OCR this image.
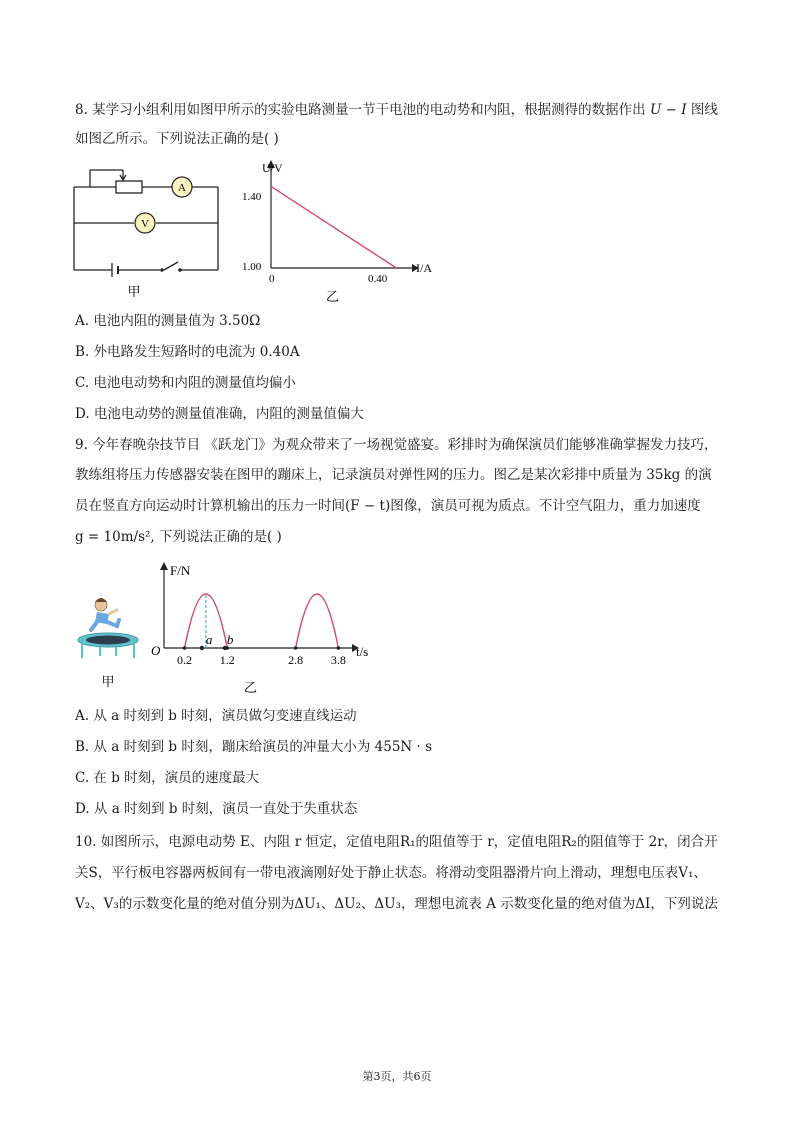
8. 某学习小组利用如图甲所示的实验电路测量一节干电池的电动势和内阻，根据测得的数据作出 U − I 图线
如图乙所示。下列说法正确的是( )
A
V
甲
U/V
I/A
1.40
1.00
0	0.40
乙
A. 电池内阻的测量值为 3.50Ω
B. 外电路发生短路时的电流为 0.40A
C. 电池电动势和内阻的测量值均偏小
D. 电池电动势的测量值准确，内阻的测量值偏大
9. 今年春晚杂技节目 《跃龙门》为观众带来了一场视觉盛宴。彩排时为确保演员们能够准确掌握发力技巧，
教练组将压力传感器安装在图甲的蹦床上，记录演员对弹性网的压力。图乙是某次彩排中质量为 35kg 的演
员在竖直方向运动时计算机输出的压力一时间(F − t)图像，演员可视为质点。不计空气阻力，重力加速度
g = 10m/s², 下列说法正确的是( )
甲
F/N
t/s
O
a b
0.2 1.2	2.8 3.8
乙
A. 从 a 时刻到 b 时刻，演员做匀变速直线运动
B. 从 a 时刻到 b 时刻，蹦床给演员的冲量大小为 455N · s
C. 在 b 时刻，演员的速度最大
D. 从 a 时刻到 b 时刻，演员一直处于失重状态
10. 如图所示，电源电动势 E、内阻 r 恒定，定值电阻R₁的阻值等于 r，定值电阻R₂的阻值等于 2r，闭合开
关S，平行板电容器两板间有一带电液滴刚好处于静止状态。将滑动变阻器滑片向上滑动，理想电压表V₁、
V₂、V₃的示数变化量的绝对值分别为ΔU₁、ΔU₂、ΔU₃，理想电流表 A 示数变化量的绝对值为ΔI，下列说法
第3页，共6页
